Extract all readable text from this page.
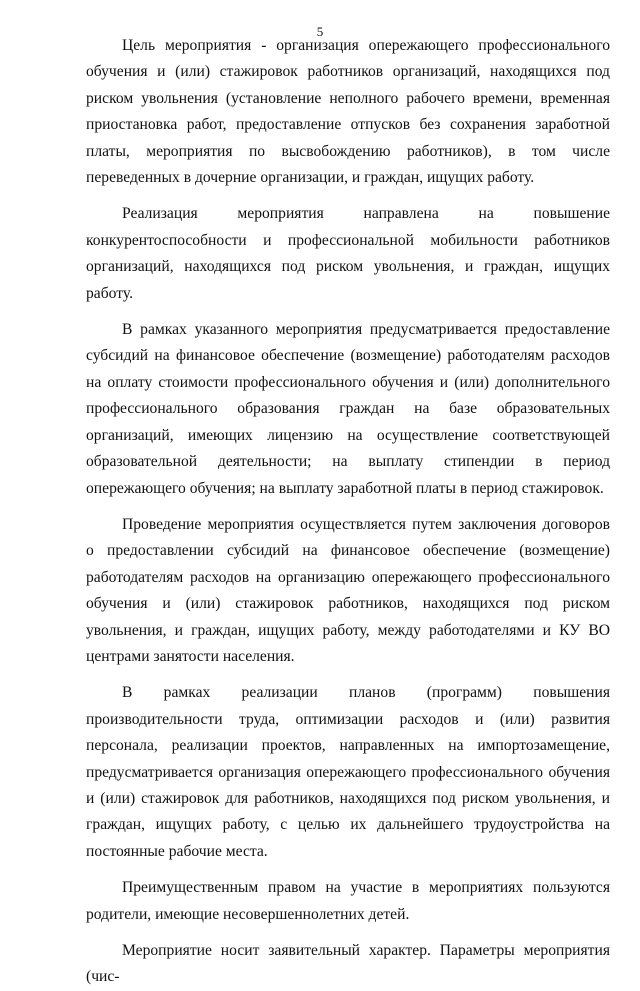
5

Цель мероприятия - организация опережающего профессионального обучения и (или) стажировок работников организаций, находящихся под риском увольнения (установление неполного рабочего времени, временная приостановка работ, предоставление отпусков без сохранения заработной платы, мероприятия по высвобождению работников), в том числе переведенных в дочерние организации, и граждан, ищущих работу.

Реализация мероприятия направлена на повышение конкурентоспособности и профессиональной мобильности работников организаций, находящихся под риском увольнения, и граждан, ищущих работу.

В рамках указанного мероприятия предусматривается предоставление субсидий на финансовое обеспечение (возмещение) работодателям расходов на оплату стоимости профессионального обучения и (или) дополнительного профессионального образования граждан на базе образовательных организаций, имеющих лицензию на осуществление соответствующей образовательной деятельности; на выплату стипендии в период опережающего обучения; на выплату заработной платы в период стажировок.

Проведение мероприятия осуществляется путем заключения договоров о предоставлении субсидий на финансовое обеспечение (возмещение) работодателям расходов на организацию опережающего профессионального обучения и (или) стажировок работников, находящихся под риском увольнения, и граждан, ищущих работу, между работодателями и КУ ВО центрами занятости населения.

В рамках реализации планов (программ) повышения производительности труда, оптимизации расходов и (или) развития персонала, реализации проектов, направленных на импортозамещение, предусматривается организация опережающего профессионального обучения и (или) стажировок для работников, находящихся под риском увольнения, и граждан, ищущих работу, с целью их дальнейшего трудоустройства на постоянные рабочие места.

Преимущественным правом на участие в мероприятиях пользуются родители, имеющие несовершеннолетних детей.

Мероприятие носит заявительный характер. Параметры мероприятия (чис-
